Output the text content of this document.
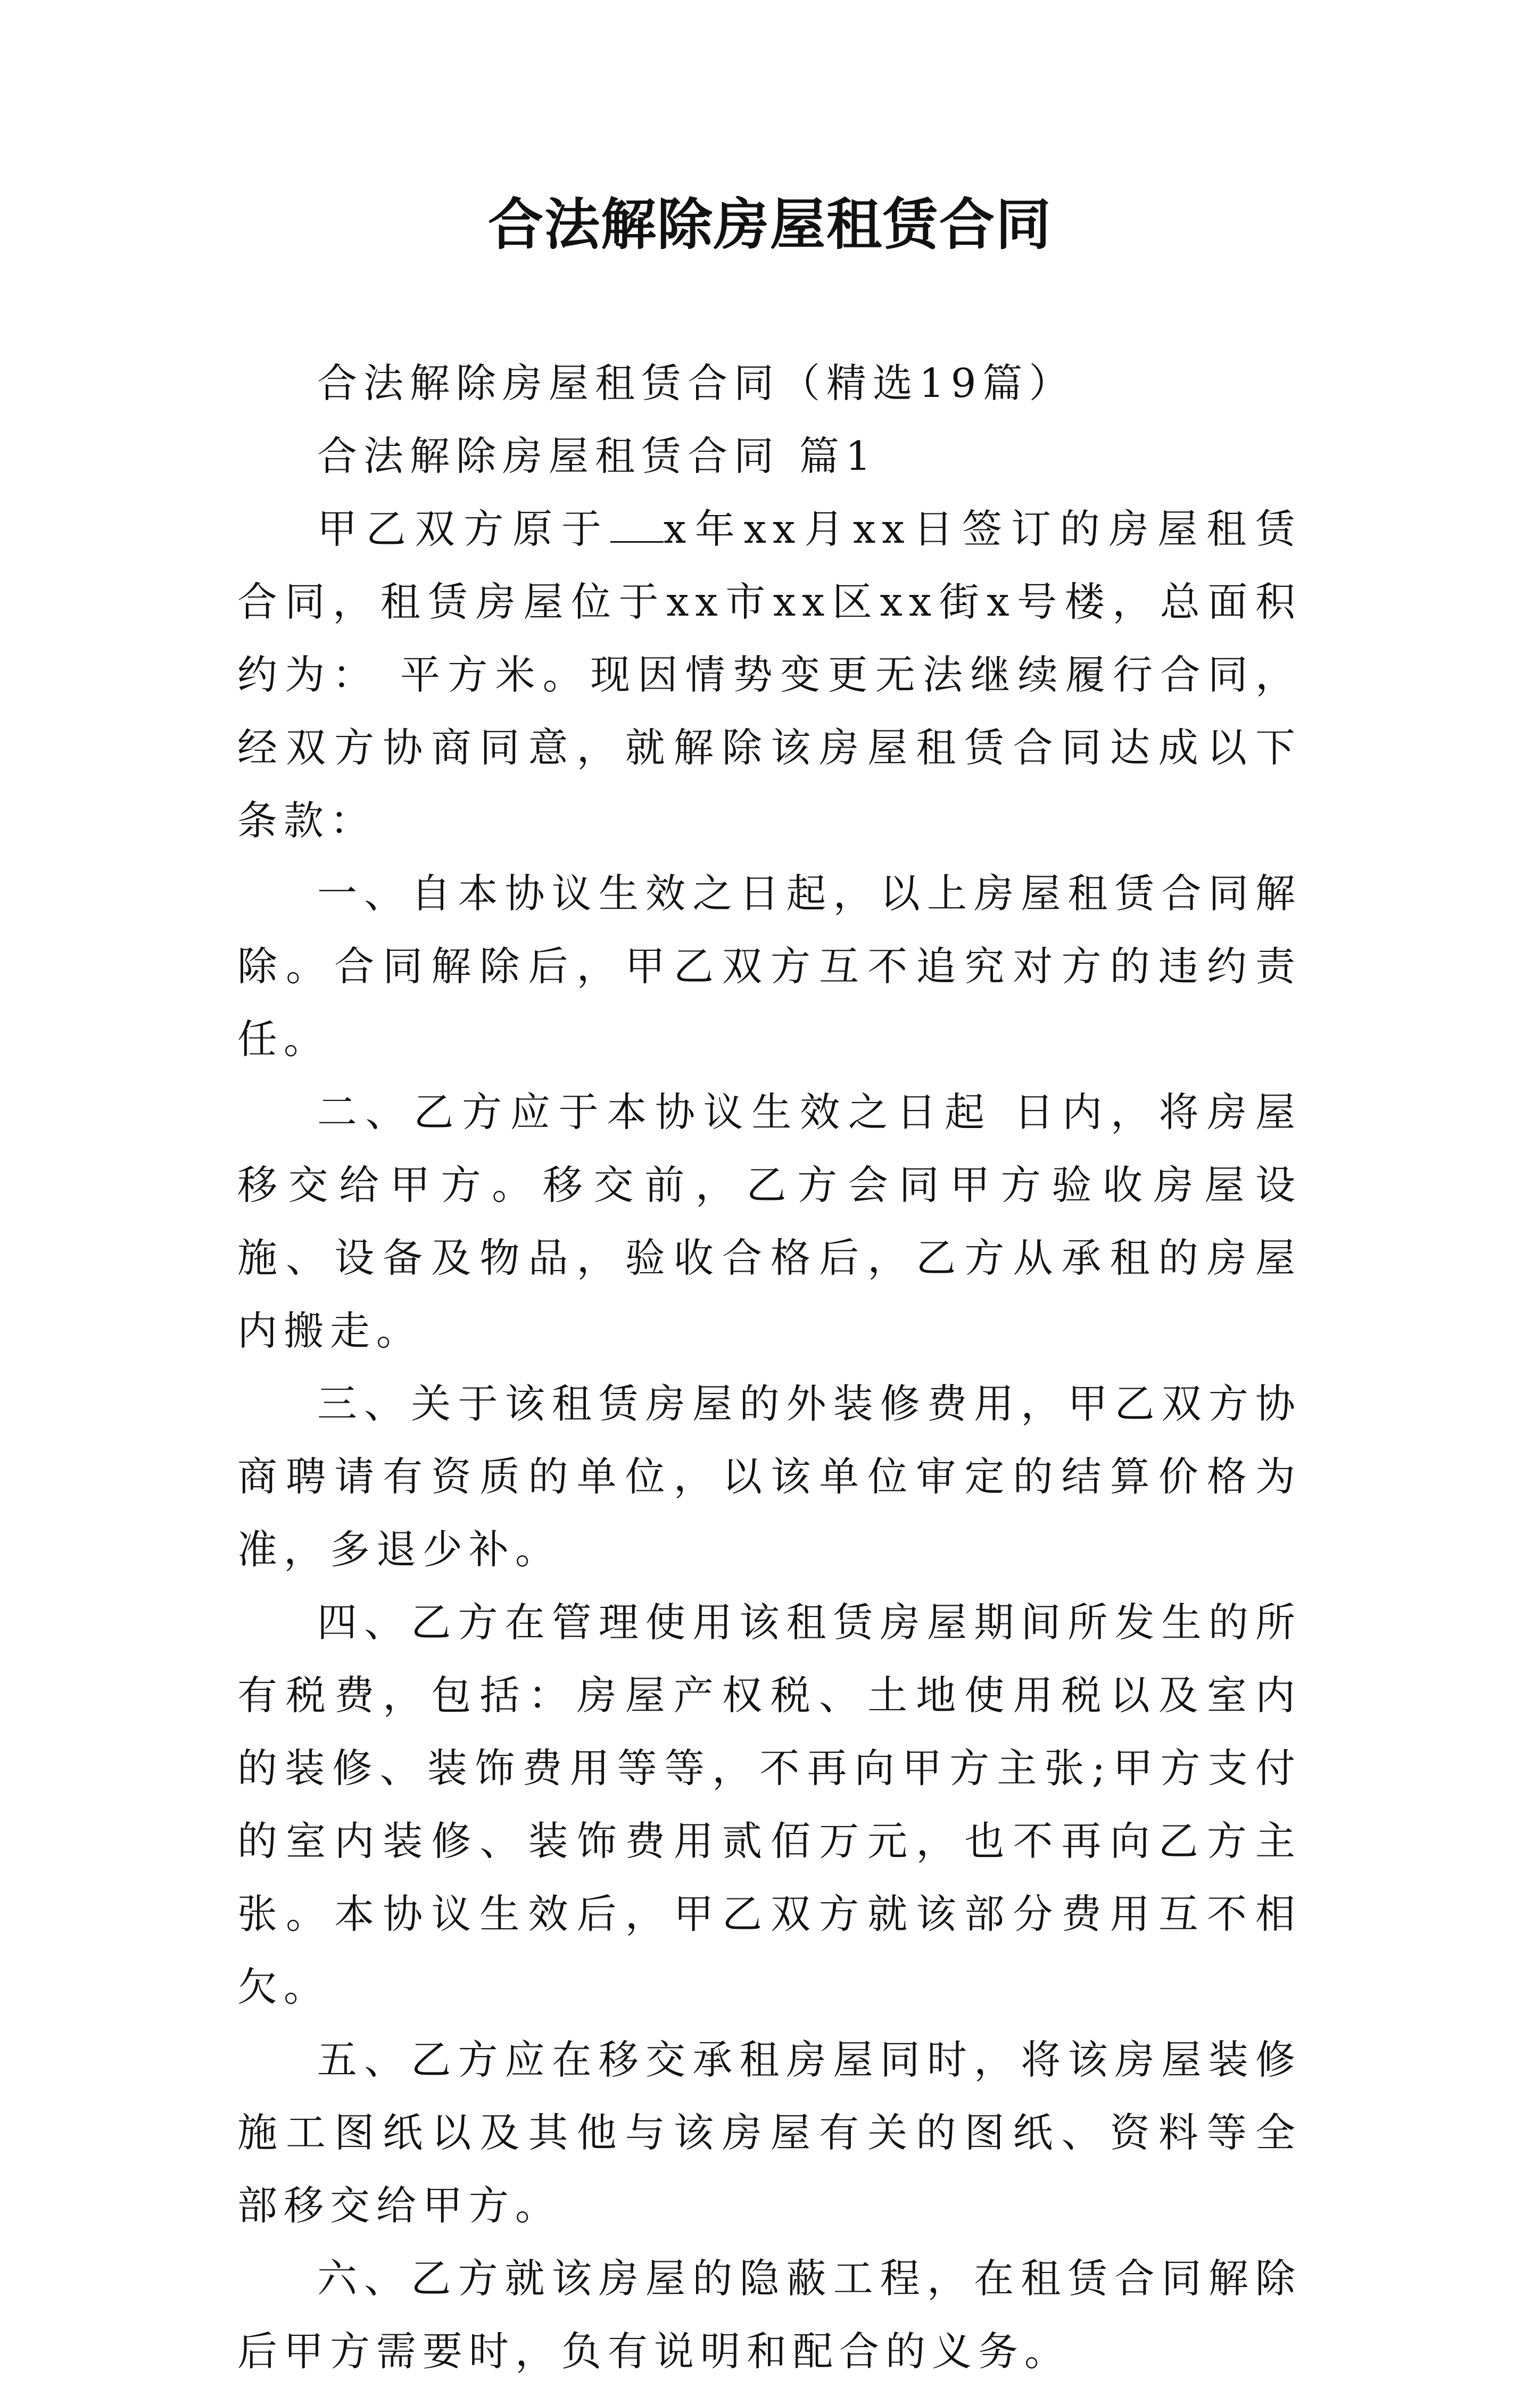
合法解除房屋租赁合同

合法解除房屋租赁合同（精选19篇）

合法解除房屋租赁合同 篇1

甲乙双方原于 x年xx月xx日签订的房屋租赁合同，租赁房屋位于xx市xx区xx街x号楼，总面积约为： 平方米。现因情势变更无法继续履行合同，经双方协商同意，就解除该房屋租赁合同达成以下条款：

一、自本协议生效之日起，以上房屋租赁合同解除。合同解除后，甲乙双方互不追究对方的违约责任。

二、乙方应于本协议生效之日起 日内，将房屋移交给甲方。移交前，乙方会同甲方验收房屋设施、设备及物品，验收合格后，乙方从承租的房屋内搬走。

三、关于该租赁房屋的外装修费用，甲乙双方协商聘请有资质的单位，以该单位审定的结算价格为准，多退少补。

四、乙方在管理使用该租赁房屋期间所发生的所有税费，包括：房屋产权税、土地使用税以及室内的装修、装饰费用等等，不再向甲方主张;甲方支付的室内装修、装饰费用贰佰万元，也不再向乙方主张。本协议生效后，甲乙双方就该部分费用互不相欠。

五、乙方应在移交承租房屋同时，将该房屋装修施工图纸以及其他与该房屋有关的图纸、资料等全部移交给甲方。

六、乙方就该房屋的隐蔽工程，在租赁合同解除后甲方需要时，负有说明和配合的义务。
